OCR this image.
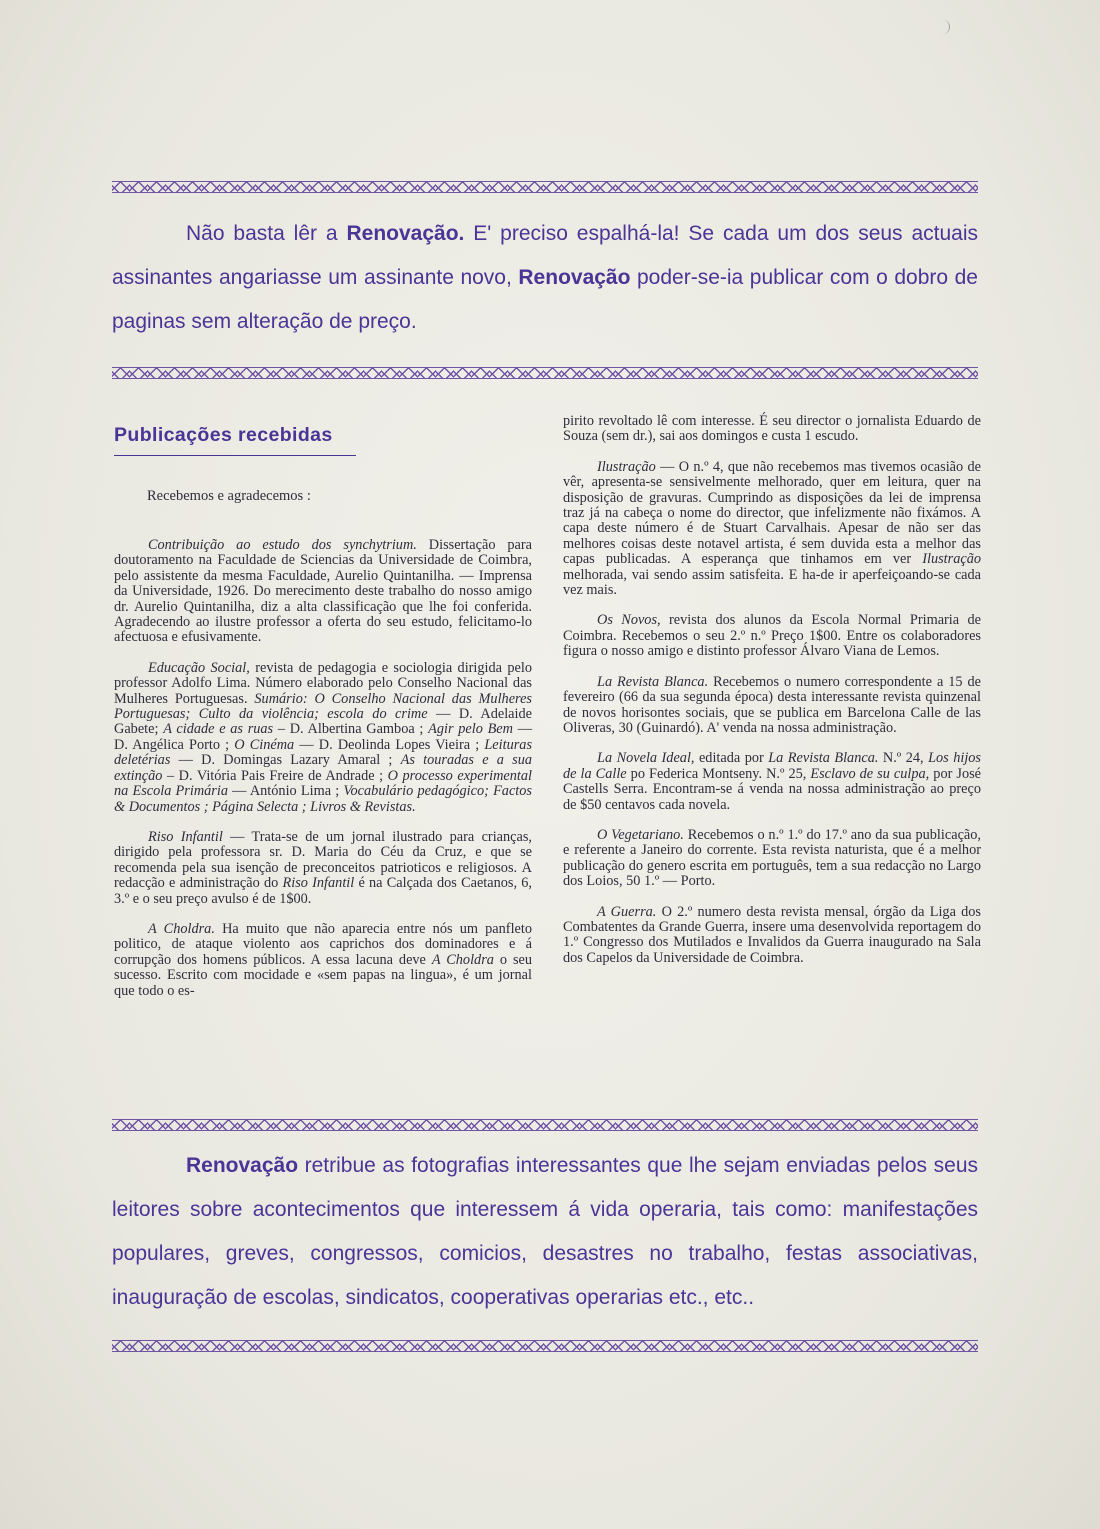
Não basta lêr a Renovação. E' preciso espalhá-la! Se cada um dos seus actuais assinantes angariasse um assinante novo, Renovação poder-se-ia publicar com o dobro de paginas sem alteração de preço.

Publicações recebidas
Recebemos e agradecemos :

Contribuição ao estudo dos synchytrium. Dissertação para doutoramento na Faculdade de Sciencias da Universidade de Coimbra, pelo assistente da mesma Faculdade, Aurelio Quintanilha. — Imprensa da Universidade, 1926. Do merecimento deste trabalho do nosso amigo dr. Aurelio Quintanilha, diz a alta classificação que lhe foi conferida. Agradecendo ao ilustre professor a oferta do seu estudo, felicitamo-lo afectuosa e efusivamente.

Educação Social, revista de pedagogia e sociologia dirigida pelo professor Adolfo Lima. Número elaborado pelo Conselho Nacional das Mulheres Portuguesas. Sumário: O Conselho Nacional das Mulheres Portuguesas; Culto da violência; escola do crime — D. Adelaide Gabete; A cidade e as ruas – D. Albertina Gamboa ; Agir pelo Bem — D. Angélica Porto ; O Cinéma — D. Deolinda Lopes Vieira ; Leituras deletérias — D. Domingas Lazary Amaral ; As touradas e a sua extinção – D. Vitória Pais Freire de Andrade ; O processo experimental na Escola Primária — António Lima ; Vocabulário pedagógico; Factos & Documentos ; Página Selecta ; Livros & Revistas.

Riso Infantil — Trata-se de um jornal ilustrado para crianças, dirigido pela professora sr. D. Maria do Céu da Cruz, e que se recomenda pela sua isenção de preconceitos patrioticos e religiosos. A redacção e administração do Riso Infantil é na Calçada dos Caetanos, 6, 3.º e o seu preço avulso é de 1$00.

A Choldra. Ha muito que não aparecia entre nós um panfleto politico, de ataque violento aos caprichos dos dominadores e á corrupção dos homens públicos. A essa lacuna deve A Choldra o seu sucesso. Escrito com mocidade e «sem papas na lingua», é um jornal que todo o es-

pirito revoltado lê com interesse. É seu director o jornalista Eduardo de Souza (sem dr.), sai aos domingos e custa 1 escudo.

Ilustração — O n.º 4, que não recebemos mas tivemos ocasião de vêr, apresenta-se sensivelmente melhorado, quer em leitura, quer na disposição de gravuras. Cumprindo as disposições da lei de imprensa traz já na cabeça o nome do director, que infelizmente não fixámos. A capa deste número é de Stuart Carvalhais. Apesar de não ser das melhores coisas deste notavel artista, é sem duvida esta a melhor das capas publicadas. A esperança que tinhamos em ver Ilustração melhorada, vai sendo assim satisfeita. E ha-de ir aperfeiçoando-se cada vez mais.

Os Novos, revista dos alunos da Escola Normal Primaria de Coimbra. Recebemos o seu 2.º n.º Preço 1$00. Entre os colaboradores figura o nosso amigo e distinto professor Álvaro Viana de Lemos.

La Revista Blanca. Recebemos o numero correspondente a 15 de fevereiro (66 da sua segunda época) desta interessante revista quinzenal de novos horisontes sociais, que se publica em Barcelona Calle de las Oliveras, 30 (Guinardó). A' venda na nossa administração.

La Novela Ideal, editada por La Revista Blanca. N.º 24, Los hijos de la Calle po Federica Montseny. N.º 25, Esclavo de su culpa, por José Castells Serra. Encontram-se á venda na nossa administração ao preço de $50 centavos cada novela.

O Vegetariano. Recebemos o n.º 1.º do 17.º ano da sua publicação, e referente a Janeiro do corrente. Esta revista naturista, que é a melhor publicação do genero escrita em português, tem a sua redacção no Largo dos Loios, 50 1.º — Porto.

A Guerra. O 2.º numero desta revista mensal, órgão da Liga dos Combatentes da Grande Guerra, insere uma desenvolvida reportagem do 1.º Congresso dos Mutilados e Invalidos da Guerra inaugurado na Sala dos Capelos da Universidade de Coimbra.

Renovação retribue as fotografias interessantes que lhe sejam enviadas pelos seus leitores sobre acontecimentos que interessem á vida operaria, tais como: manifestações populares, greves, congressos, comicios, desastres no trabalho, festas associativas, inauguração de escolas, sindicatos, cooperativas operarias etc., etc..
